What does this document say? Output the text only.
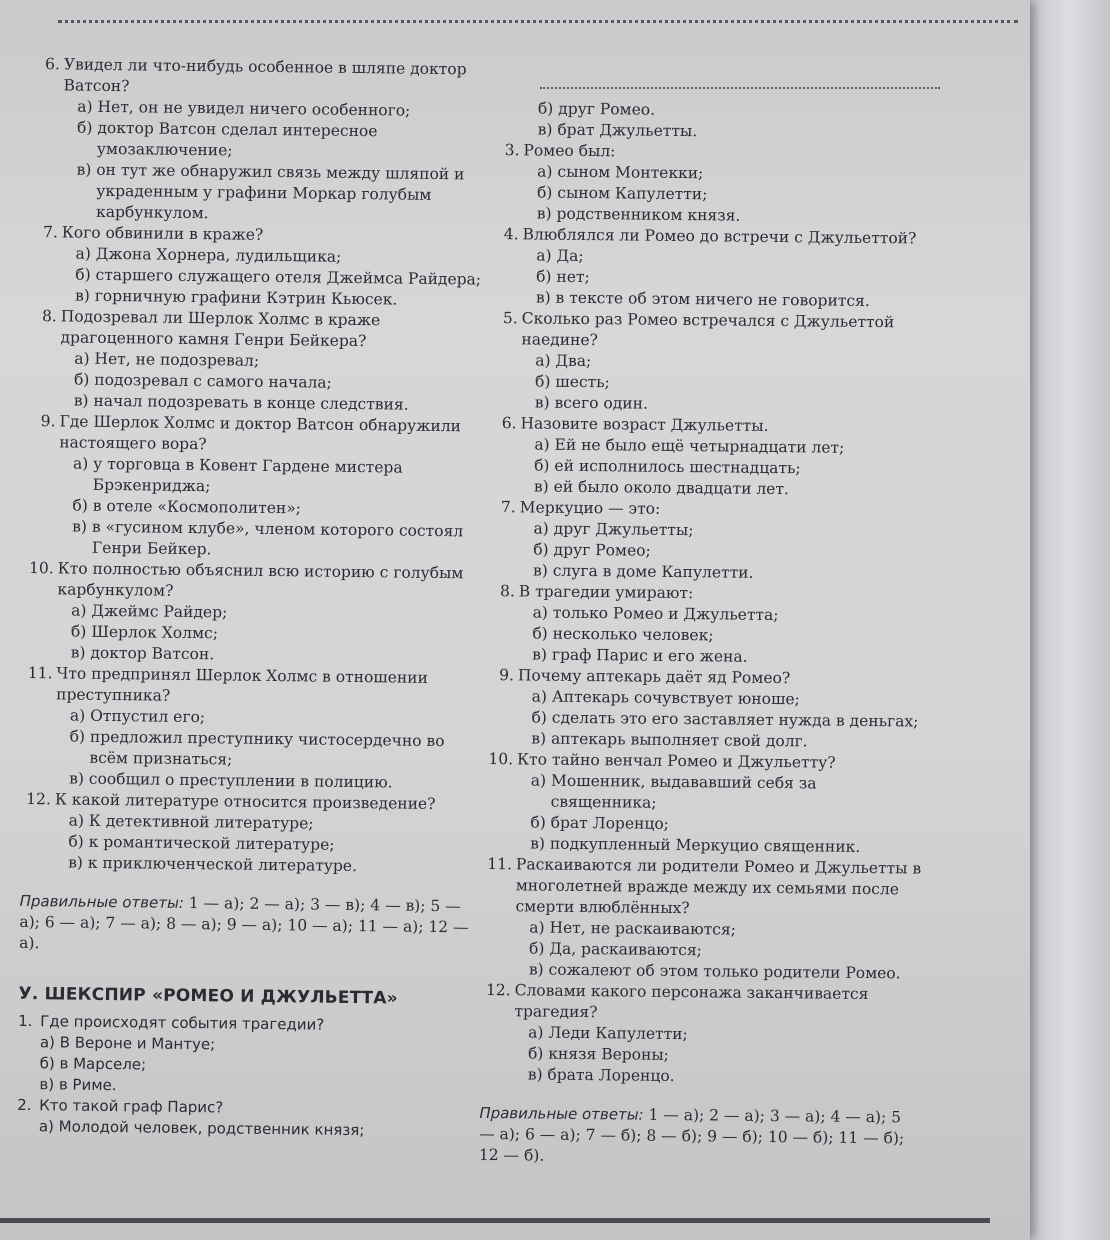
6. Увидел ли что-нибудь особенное в шляпе доктор Ватсон?

а) Нет, он не увидел ничего особенного;

б) доктор Ватсон сделал интересное умозаключение;

в) он тут же обнаружил связь между шляпой и украденным у графини Моркар голубым карбункулом.

7. Кого обвинили в краже?

а) Джона Хорнера, лудильщика;

б) старшего служащего отеля Джеймса Райдера;

в) горничную графини Кэтрин Кьюсек.

8. Подозревал ли Шерлок Холмс в краже драгоценного камня Генри Бейкера?

а) Нет, не подозревал;

б) подозревал с самого начала;

в) начал подозревать в конце следствия.

9. Где Шерлок Холмс и доктор Ватсон обнаружили настоящего вора?

а) у торговца в Ковент Гардене мистера Брэкенриджа;

б) в отеле «Космополитен»;

в) в «гусином клубе», членом которого состоял Генри Бейкер.

10. Кто полностью объяснил всю историю с голубым карбункулом?

а) Джеймс Райдер;

б) Шерлок Холмс;

в) доктор Ватсон.

11. Что предпринял Шерлок Холмс в отношении преступника?

а) Отпустил его;

б) предложил преступнику чистосердечно во всём признаться;

в) сообщил о преступлении в полицию.

12. К какой литературе относится произведение?

а) К детективной литературе;

б) к романтической литературе;

в) к приключенческой литературе.

Правильные ответы: 1 — а); 2 — а); 3 — в); 4 — в); 5 — а); 6 — а); 7 — а); 8 — а); 9 — а); 10 — а); 11 — а); 12 — а).
У. ШЕКСПИР «РОМЕО И ДЖУЛЬЕТТА»

1. Где происходят события трагедии?

а) В Вероне и Мантуе;

б) в Марселе;

в) в Риме.

2. Кто такой граф Парис?

а) Молодой человек, родственник князя;

б) друг Ромео.

в) брат Джульетты.

3. Ромео был:

а) сыном Монтекки;

б) сыном Капулетти;

в) родственником князя.

4. Влюблялся ли Ромео до встречи с Джульеттой?

а) Да;

б) нет;

в) в тексте об этом ничего не говорится.

5. Сколько раз Ромео встречался с Джульеттой наедине?

а) Два;

б) шесть;

в) всего один.

6. Назовите возраст Джульетты.

а) Ей не было ещё четырнадцати лет;

б) ей исполнилось шестнадцать;

в) ей было около двадцати лет.

7. Меркуцио — это:

а) друг Джульетты;

б) друг Ромео;

в) слуга в доме Капулетти.

8. В трагедии умирают:

а) только Ромео и Джульетта;

б) несколько человек;

в) граф Парис и его жена.

9. Почему аптекарь даёт яд Ромео?

а) Аптекарь сочувствует юноше;

б) сделать это его заставляет нужда в деньгах;

в) аптекарь выполняет свой долг.

10. Кто тайно венчал Ромео и Джульетту?

а) Мошенник, выдававший себя за священника;

б) брат Лоренцо;

в) подкупленный Меркуцио священник.

11. Раскаиваются ли родители Ромео и Джульетты в многолетней вражде между их семьями после смерти влюблённых?

а) Нет, не раскаиваются;

б) Да, раскаиваются;

в) сожалеют об этом только родители Ромео.

12. Словами какого персонажа заканчивается трагедия?

а) Леди Капулетти;

б) князя Вероны;

в) брата Лоренцо.

Правильные ответы: 1 — а); 2 — а); 3 — а); 4 — а); 5 — а); 6 — а); 7 — б); 8 — б); 9 — б); 10 — б); 11 — б); 12 — б).
